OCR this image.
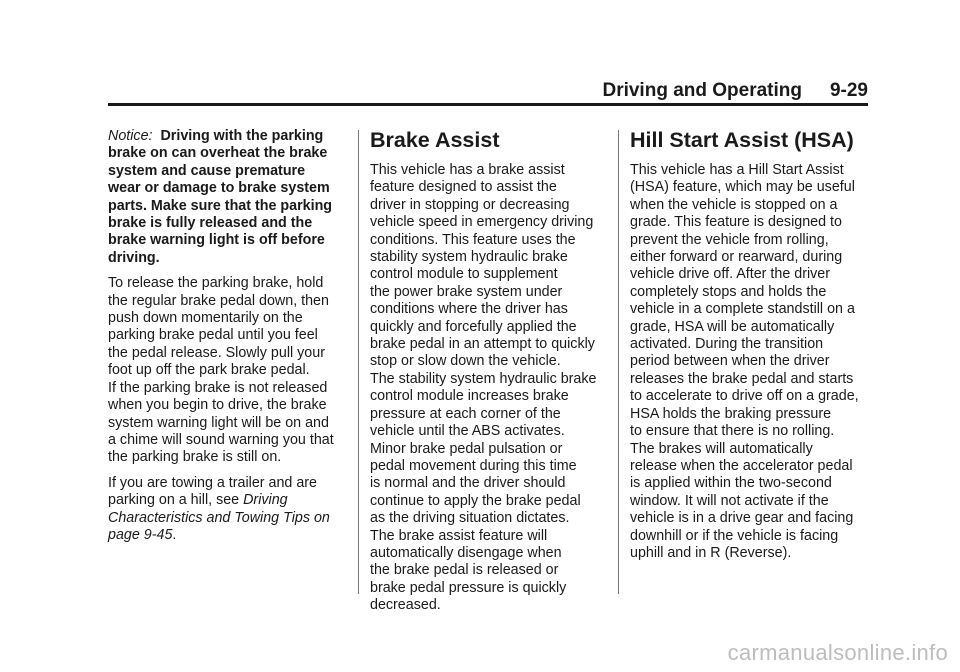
Driving and Operating 9-29

Notice: Driving with the parking
brake on can overheat the brake
system and cause premature
wear or damage to brake system
parts. Make sure that the parking
brake is fully released and the
brake warning light is off before
driving.

To release the parking brake, hold
the regular brake pedal down, then
push down momentarily on the
parking brake pedal until you feel
the pedal release. Slowly pull your
foot up off the park brake pedal.
If the parking brake is not released
when you begin to drive, the brake
system warning light will be on and
a chime will sound warning you that
the parking brake is still on.

If you are towing a trailer and are
parking on a hill, see Driving
Characteristics and Towing Tips on
page 9-45.

Brake Assist

This vehicle has a brake assist
feature designed to assist the
driver in stopping or decreasing
vehicle speed in emergency driving
conditions. This feature uses the
stability system hydraulic brake
control module to supplement
the power brake system under
conditions where the driver has
quickly and forcefully applied the
brake pedal in an attempt to quickly
stop or slow down the vehicle.
The stability system hydraulic brake
control module increases brake
pressure at each corner of the
vehicle until the ABS activates.
Minor brake pedal pulsation or
pedal movement during this time
is normal and the driver should
continue to apply the brake pedal
as the driving situation dictates.
The brake assist feature will
automatically disengage when
the brake pedal is released or
brake pedal pressure is quickly
decreased.

Hill Start Assist (HSA)

This vehicle has a Hill Start Assist
(HSA) feature, which may be useful
when the vehicle is stopped on a
grade. This feature is designed to
prevent the vehicle from rolling,
either forward or rearward, during
vehicle drive off. After the driver
completely stops and holds the
vehicle in a complete standstill on a
grade, HSA will be automatically
activated. During the transition
period between when the driver
releases the brake pedal and starts
to accelerate to drive off on a grade,
HSA holds the braking pressure
to ensure that there is no rolling.
The brakes will automatically
release when the accelerator pedal
is applied within the two-second
window. It will not activate if the
vehicle is in a drive gear and facing
downhill or if the vehicle is facing
uphill and in R (Reverse).

carmanualsonline.info
